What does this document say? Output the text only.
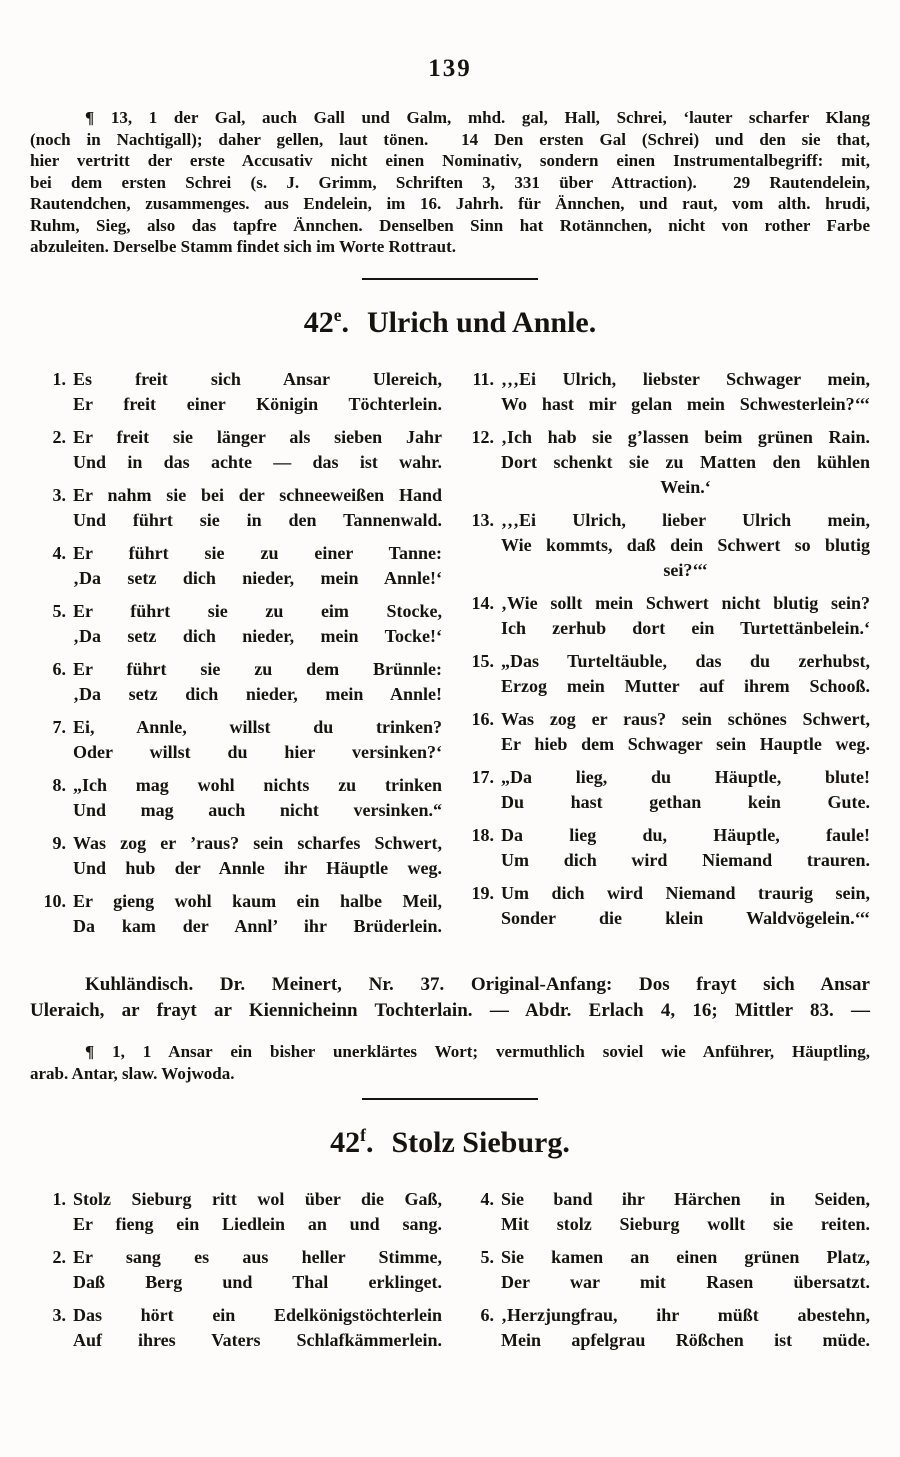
139
¶ 13, 1 der Gal, auch Gall und Galm, mhd. gal, Hall, Schrei, ‘lauter scharfer Klang
(noch in Nachtigall); daher gellen, laut tönen.  14 Den ersten Gal (Schrei) und den sie that,
hier vertritt der erste Accusativ nicht einen Nominativ, sondern einen Instrumentalbegriff: mit,
bei dem ersten Schrei (s. J. Grimm, Schriften 3, 331 über Attraction).  29 Rautendelein,
Rautendchen, zusammenges. aus Endelein, im 16. Jahrh. für Ännchen, und raut, vom alth. hrudi,
Ruhm, Sieg, also das tapfre Ännchen. Denselben Sinn hat Rotännchen, nicht von rother Farbe
abzuleiten. Derselbe Stamm findet sich im Worte Rottraut.
42e. Ulrich und Annle.
1. Es freit sich Ansar Ulereich,
Er freit einer Königin Töchterlein.
2. Er freit sie länger als sieben Jahr
Und in das achte — das ist wahr.
3. Er nahm sie bei der schneeweißen Hand
Und führt sie in den Tannenwald.
4. Er führt sie zu einer Tanne:
‚Da setz dich nieder, mein Annle!‘
5. Er führt sie zu eim Stocke,
‚Da setz dich nieder, mein Tocke!‘
6. Er führt sie zu dem Brünnle:
‚Da setz dich nieder, mein Annle!
7. Ei, Annle, willst du trinken?
Oder willst du hier versinken?‘
8. „Ich mag wohl nichts zu trinken
Und mag auch nicht versinken.“
9. Was zog er ’raus? sein scharfes Schwert,
Und hub der Annle ihr Häuptle weg.
10. Er gieng wohl kaum ein halbe Meil,
Da kam der Annl’ ihr Brüderlein.
11. ‚‚‚Ei Ulrich, liebster Schwager mein,
Wo hast mir gelan mein Schwesterlein?‘‘‘
12. ‚Ich hab sie g’lassen beim grünen Rain.
Dort schenkt sie zu Matten den kühlen
Wein.‘
13. ‚‚‚Ei Ulrich, lieber Ulrich mein,
Wie kommts, daß dein Schwert so blutig
sei?‘‘‘
14. ‚Wie sollt mein Schwert nicht blutig sein?
Ich zerhub dort ein Turtettänbelein.‘
15. „Das Turteltäuble, das du zerhubst,
Erzog mein Mutter auf ihrem Schooß.
16. Was zog er raus? sein schönes Schwert,
Er hieb dem Schwager sein Hauptle weg.
17. „Da lieg, du Häuptle, blute!
Du hast gethan kein Gute.
18. Da lieg du, Häuptle, faule!
Um dich wird Niemand trauren.
19. Um dich wird Niemand traurig sein,
Sonder die klein Waldvögelein.‘‘‘
Kuhländisch. Dr. Meinert, Nr. 37. Original-Anfang: Dos frayt sich Ansar
Uleraich, ar frayt ar Kiennicheinn Tochterlain. — Abdr. Erlach 4, 16; Mittler 83. —
¶ 1, 1 Ansar ein bisher unerklärtes Wort; vermuthlich soviel wie Anführer, Häuptling,
arab. Antar, slaw. Wojwoda.
42$^f$. Stolz Sieburg.
1. Stolz Sieburg ritt wol über die Gaß,
Er fieng ein Liedlein an und sang.
2. Er sang es aus heller Stimme,
Daß Berg und Thal erklinget.
3. Das hört ein Edelkönigstöchterlein
Auf ihres Vaters Schlafkämmerlein.
4. Sie band ihr Härchen in Seiden,
Mit stolz Sieburg wollt sie reiten.
5. Sie kamen an einen grünen Platz,
Der war mit Rasen übersatzt.
6. ‚Herzjungfrau, ihr müßt abestehn,
Mein apfelgrau Rößchen ist müde.
